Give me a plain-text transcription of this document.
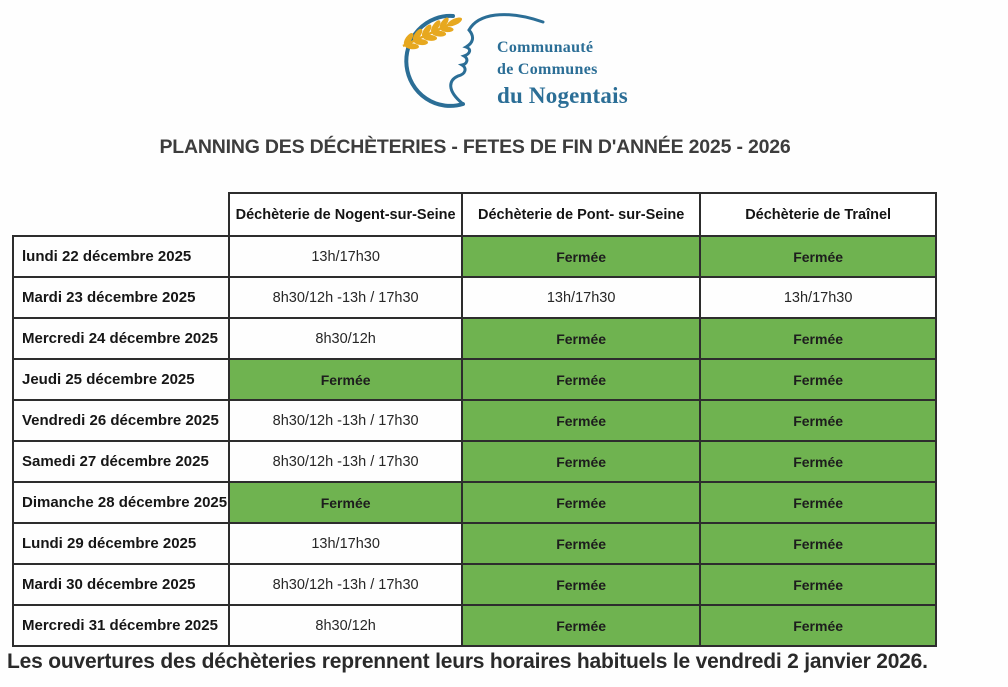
Communauté
de Communes
du Nogentais
PLANNING DES DÉCHÈTERIES - FETES DE FIN D'ANNÉE 2025 - 2026
	Déchèterie de Nogent-sur-Seine	Déchèterie de Pont- sur-Seine	Déchèterie de Traînel
lundi 22 décembre 2025	13h/17h30	Fermée	Fermée
Mardi 23 décembre 2025	8h30/12h -13h / 17h30	13h/17h30	13h/17h30
Mercredi 24 décembre 2025	8h30/12h	Fermée	Fermée
Jeudi 25 décembre 2025	Fermée	Fermée	Fermée
Vendredi 26 décembre 2025	8h30/12h -13h / 17h30	Fermée	Fermée
Samedi 27 décembre 2025	8h30/12h -13h / 17h30	Fermée	Fermée
Dimanche 28 décembre 2025	Fermée	Fermée	Fermée
Lundi 29 décembre 2025	13h/17h30	Fermée	Fermée
Mardi 30 décembre 2025	8h30/12h -13h / 17h30	Fermée	Fermée
Mercredi 31 décembre 2025	8h30/12h	Fermée	Fermée
Les ouvertures des déchèteries reprennent leurs horaires habituels le vendredi 2 janvier 2026.
